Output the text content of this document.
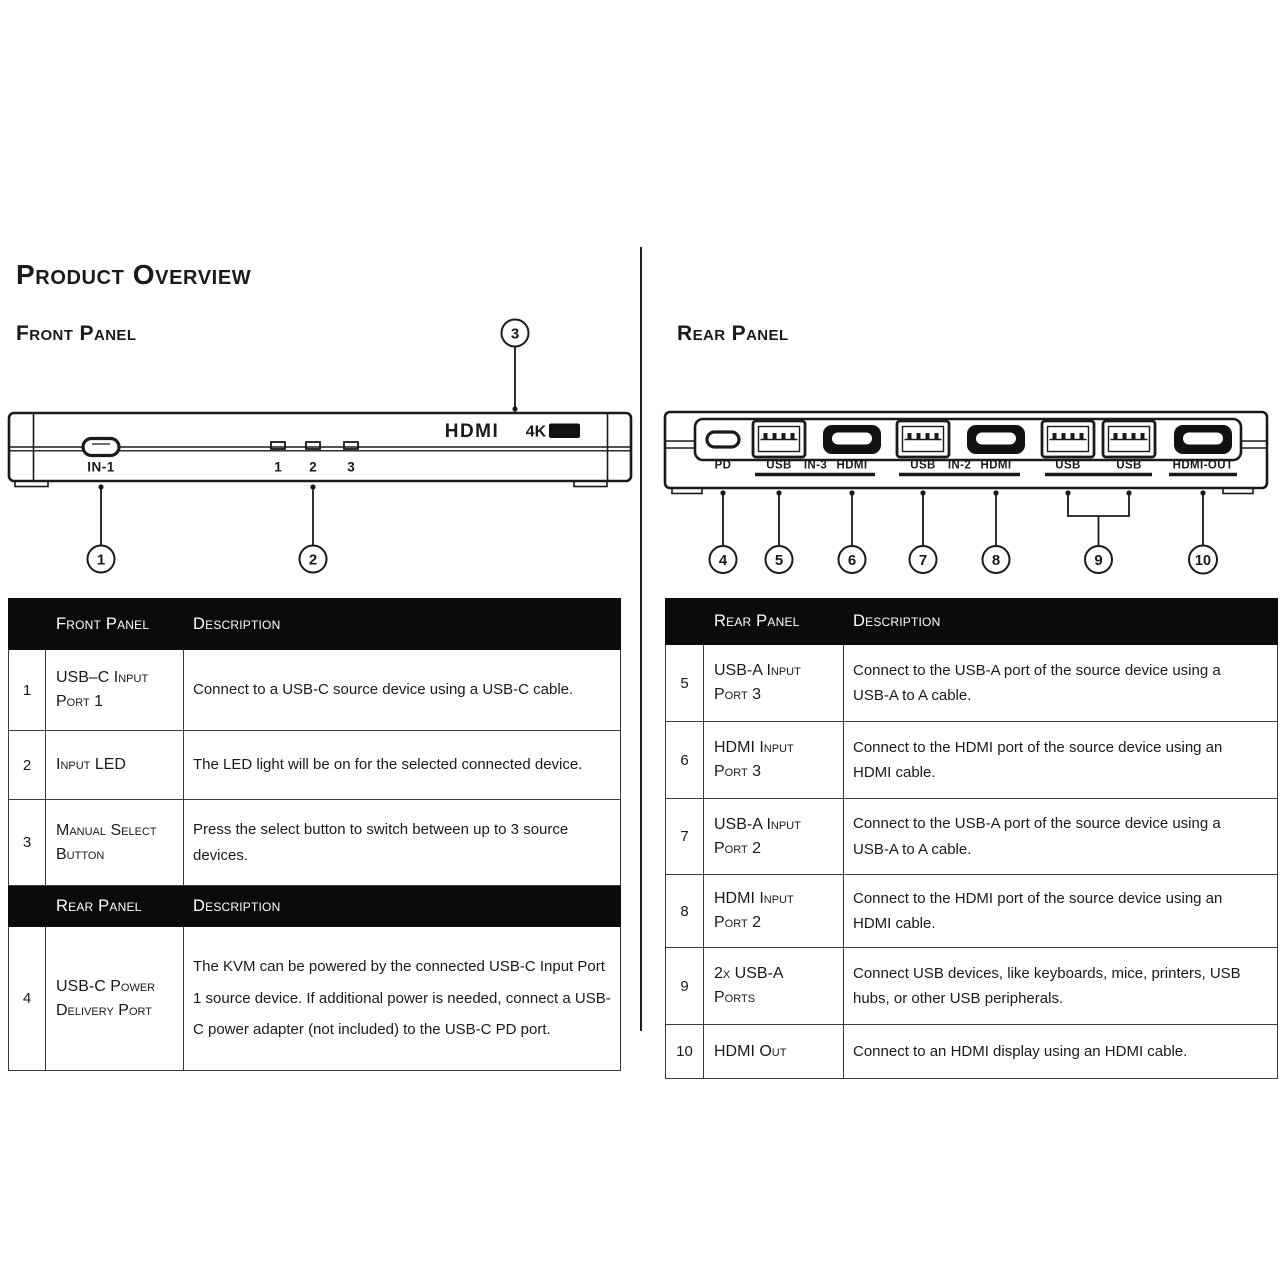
Product Overview
Front Panel	Rear Panel
3
IN-1	1 2 3
HDMI 4K UHD
1	2
PD	USB IN-3 HDMI	USB IN-2 HDMI	USB	USB	HDMI-OUT
4	5	6	7	8	9	10
	Front Panel	Description
1	USB–C Input Port 1	Connect to a USB-C source device using a USB-C cable.
2	Input LED	The LED light will be on for the selected connected device.
3	Manual Select Button	Press the select button to switch between up to 3 source devices.
	Rear Panel	Description
4	USB-C Power Delivery Port	The KVM can be powered by the connected USB-C Input Port 1 source device. If additional power is needed, connect a USB-C power adapter (not included) to the USB-C PD port.
	Rear Panel	Description
5	USB-A Input Port 3	Connect to the USB-A port of the source device using a USB-A to A cable.
6	HDMI Input Port 3	Connect to the HDMI port of the source device using an HDMI cable.
7	USB-A Input Port 2	Connect to the USB-A port of the source device using a USB-A to A cable.
8	HDMI Input Port 2	Connect to the HDMI port of the source device using an HDMI cable.
9	2x USB-A Ports	Connect USB devices, like keyboards, mice, printers, USB hubs, or other USB peripherals.
10	HDMI Out	Connect to an HDMI display using an HDMI cable.
